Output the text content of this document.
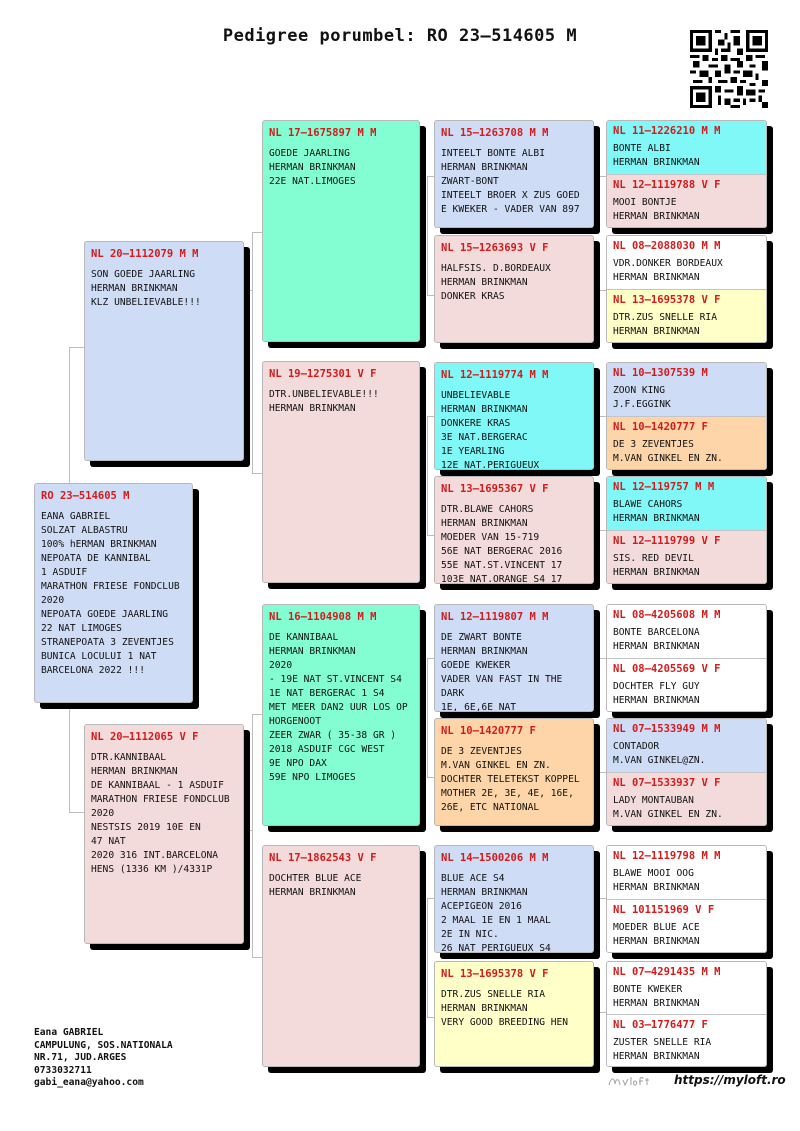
Pedigree porumbel: RO 23–514605 M
RO 23–514605 M
EANA GABRIEL
SOLZAT ALBASTRU
100% hERMAN BRINKMAN
NEPOATA DE KANNIBAL
1 ASDUIF
MARATHON FRIESE FONDCLUB
2020
NEPOATA GOEDE JAARLING
22 NAT LIMOGES
STRANEPOATA 3 ZEVENTJES
BUNICA LOCULUI 1 NAT
BARCELONA 2022 !!!
NL 20–1112079 M M
SON GOEDE JAARLING
HERMAN BRINKMAN
KLZ UNBELIEVABLE!!!
NL 20–1112065 V F
DTR.KANNIBAAL
HERMAN BRINKMAN
DE KANNIBAAL - 1 ASDUIF
MARATHON FRIESE FONDCLUB
2020
NESTSIS 2019 10E EN
47 NAT
2020 316 INT.BARCELONA
HENS (1336 KM )/4331P
NL 17–1675897 M M
GOEDE JAARLING
HERMAN BRINKMAN
22E NAT.LIMOGES
NL 19–1275301 V F
DTR.UNBELIEVABLE!!!
HERMAN BRINKMAN
NL 16–1104908 M M
DE KANNIBAAL
HERMAN BRINKMAN
2020
- 19E NAT ST.VINCENT S4
1E NAT BERGERAC 1 S4
MET MEER DAN2 UUR LOS OP
HORGENOOT
ZEER ZWAR ( 35-38 GR )
2018 ASDUIF CGC WEST
9E NPO DAX
59E NPO LIMOGES
NL 17–1862543 V F
DOCHTER BLUE ACE
HERMAN BRINKMAN
NL 15–1263708 M M
INTEELT BONTE ALBI
HERMAN BRINKMAN
ZWART-BONT
INTEELT BROER X ZUS GOED
E KWEKER - VADER VAN 897
NL 15–1263693 V F
HALFSIS. D.BORDEAUX
HERMAN BRINKMAN
DONKER KRAS
NL 12–1119774 M M
UNBELIEVABLE
HERMAN BRINKMAN
DONKERE KRAS
3E NAT.BERGERAC
1E YEARLING
12E NAT.PERIGUEUX
NL 13–1695367 V F
DTR.BLAWE CAHORS
HERMAN BRINKMAN
MOEDER VAN 15-719
56E NAT BERGERAC 2016
55E NAT.ST.VINCENT 17
103E NAT.ORANGE S4 17
NL 12–1119807 M M
DE ZWART BONTE
HERMAN BRINKMAN
GOEDE KWEKER
VADER VAN FAST IN THE
DARK
1E, 6E,6E NAT
NL 10–1420777 F
DE 3 ZEVENTJES
M.VAN GINKEL EN ZN.
DOCHTER TELETEKST KOPPEL
MOTHER 2E, 3E, 4E, 16E,
26E, ETC NATIONAL
NL 14–1500206 M M
BLUE ACE S4
HERMAN BRINKMAN
ACEPIGEON 2016
2 MAAL 1E EN 1 MAAL
2E IN NIC.
26 NAT PERIGUEUX S4
NL 13–1695378 V F
DTR.ZUS SNELLE RIA
HERMAN BRINKMAN
VERY GOOD BREEDING HEN
NL 11–1226210 M M
BONTE ALBI
HERMAN BRINKMAN
NL 12–1119788 V F
MOOI BONTJE
HERMAN BRINKMAN
NL 08–2088030 M M
VDR.DONKER BORDEAUX
HERMAN BRINKMAN
NL 13–1695378 V F
DTR.ZUS SNELLE RIA
HERMAN BRINKMAN
NL 10–1307539 M
ZOON KING
J.F.EGGINK
NL 10–1420777 F
DE 3 ZEVENTJES
M.VAN GINKEL EN ZN.
NL 12–119757 M M
BLAWE CAHORS
HERMAN BRINKMAN
NL 12–1119799 V F
SIS. RED DEVIL
HERMAN BRINKMAN
NL 08–4205608 M M
BONTE BARCELONA
HERMAN BRINKMAN
NL 08–4205569 V F
DOCHTER FLY GUY
HERMAN BRINKMAN
NL 07–1533949 M M
CONTADOR
M.VAN GINKEL@ZN.
NL 07–1533937 V F
LADY MONTAUBAN
M.VAN GINKEL EN ZN.
NL 12–1119798 M M
BLAWE MOOI OOG
HERMAN BRINKMAN
NL 101151969 V F
MOEDER BLUE ACE
HERMAN BRINKMAN
NL 07–4291435 M M
BONTE KWEKER
HERMAN BRINKMAN
NL 03–1776477 F
ZUSTER SNELLE RIA
HERMAN BRINKMAN
Eana GABRIEL
CAMPULUNG, SOS.NATIONALA
NR.71, JUD.ARGES
0733032711
gabi_eana@yahoo.com	https://myloft.ro
